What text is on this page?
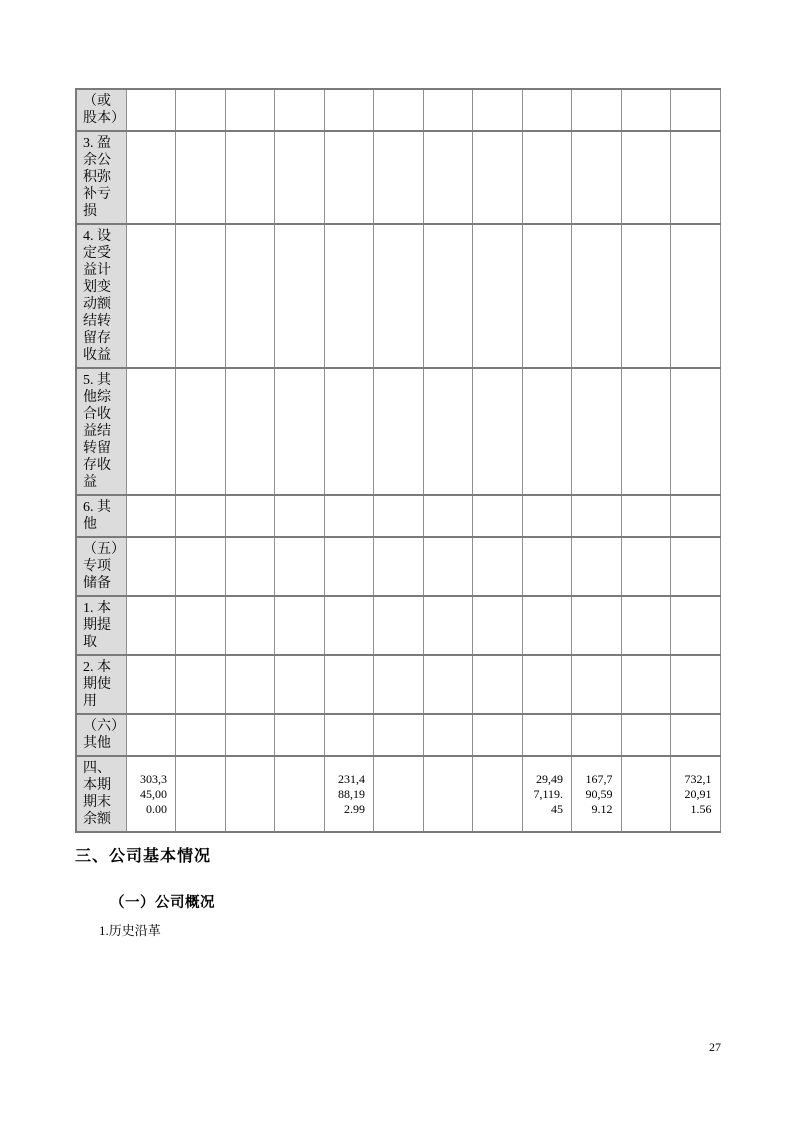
（或股本）												
3. 盈余公积弥补亏损												
4. 设定受益计划变动额结转留存收益												
5. 其他综合收益结转留存收益												
6. 其他												
（五）专项储备												
1. 本期提取												
2. 本期使用												
（六）其他												
四、本期期末余额	303,345,000.00				231,488,192.99				29,497,119.45	167,790,599.12		732,120,911.56
三、公司基本情况
（一）公司概况
1.历史沿革
27
